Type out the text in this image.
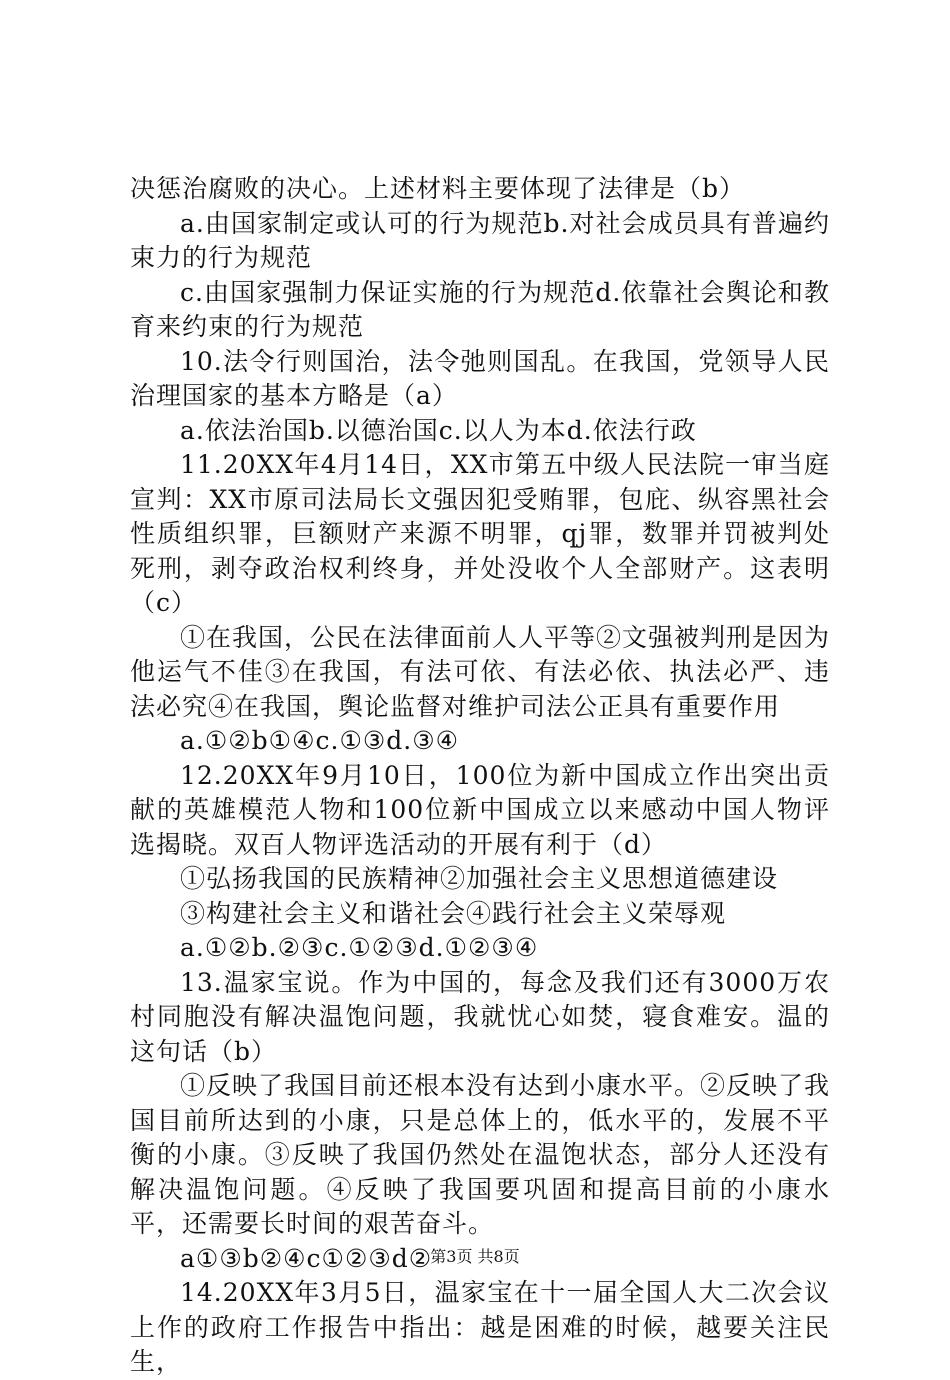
决惩治腐败的决心。上述材料主要体现了法律是（b）

a.由国家制定或认可的行为规范b.对社会成员具有普遍约束力的行为规范

c.由国家强制力保证实施的行为规范d.依靠社会舆论和教育来约束的行为规范

10.法令行则国治，法令弛则国乱。在我国，党领导人民治理国家的基本方略是（a）

a.依法治国b.以德治国c.以人为本d.依法行政

11.20XX年4月14日，XX市第五中级人民法院一审当庭宣判：XX市原司法局长文强因犯受贿罪，包庇、纵容黑社会性质组织罪，巨额财产来源不明罪，qj罪，数罪并罚被判处死刑，剥夺政治权利终身，并处没收个人全部财产。这表明（c）

①在我国，公民在法律面前人人平等②文强被判刑是因为他运气不佳③在我国，有法可依、有法必依、执法必严、违法必究④在我国，舆论监督对维护司法公正具有重要作用

a.①②b①④c.①③d.③④

12.20XX年9月10日，100位为新中国成立作出突出贡献的英雄模范人物和100位新中国成立以来感动中国人物评选揭晓。双百人物评选活动的开展有利于（d）

①弘扬我国的民族精神②加强社会主义思想道德建设

③构建社会主义和谐社会④践行社会主义荣辱观

a.①②b.②③c.①②③d.①②③④

13.温家宝说。作为中国的，每念及我们还有3000万农村同胞没有解决温饱问题，我就忧心如焚，寝食难安。温的这句话（b）

①反映了我国目前还根本没有达到小康水平。②反映了我国目前所达到的小康，只是总体上的，低水平的，发展不平衡的小康。③反映了我国仍然处在温饱状态，部分人还没有解决温饱问题。④反映了我国要巩固和提高目前的小康水平，还需要长时间的艰苦奋斗。

a①③b②④c①②③d②

14.20XX年3月5日，温家宝在十一届全国人大二次会议上作的政府工作报告中指出：越是困难的时候，越要关注民生，

第3页 共8页
